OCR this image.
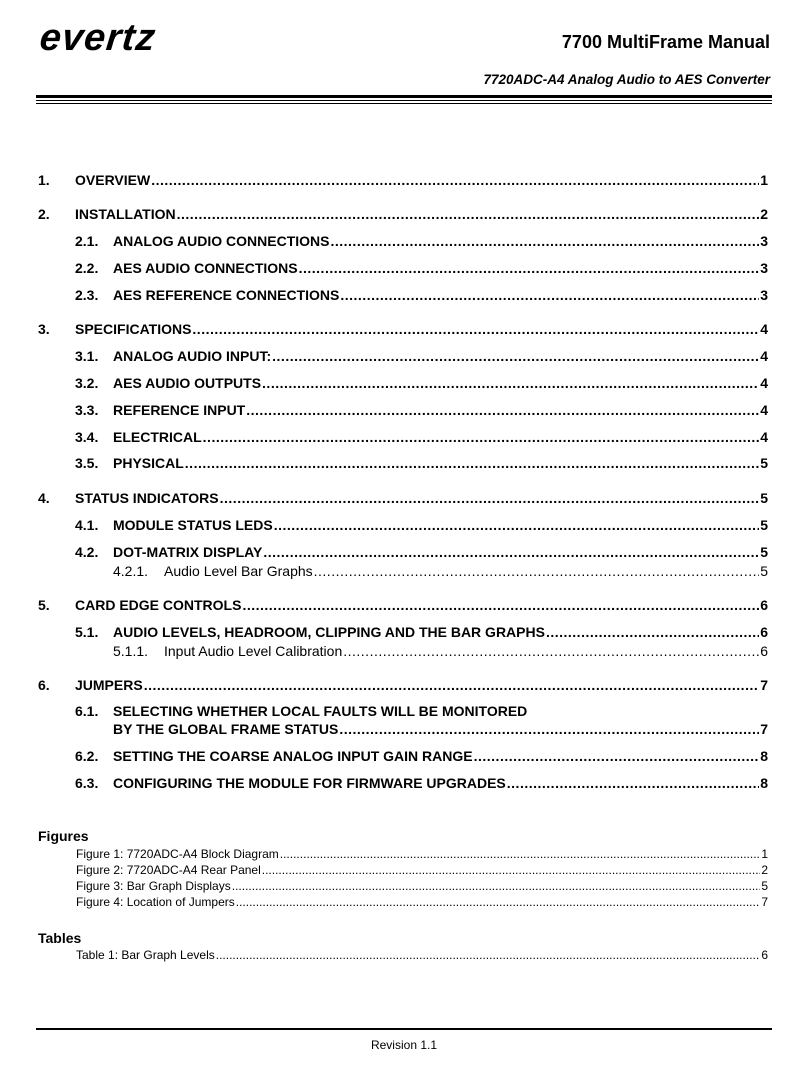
evertz	7700 MultiFrame Manual
7720ADC-A4 Analog Audio to AES Converter
1. OVERVIEW .....	1
2. INSTALLATION .....	2
2.1. ANALOG AUDIO CONNECTIONS .....	3
2.2. AES AUDIO CONNECTIONS .....	3
2.3. AES REFERENCE CONNECTIONS .....	3
3. SPECIFICATIONS .....	4
3.1. ANALOG AUDIO INPUT: .....	4
3.2. AES AUDIO OUTPUTS .....	4
3.3. REFERENCE INPUT .....	4
3.4. ELECTRICAL .....	4
3.5. PHYSICAL .....	5
4. STATUS INDICATORS .....	5
4.1. MODULE STATUS LEDS .....	5
4.2. DOT-MATRIX DISPLAY .....	5
4.2.1. Audio Level Bar Graphs .....	5
5. CARD EDGE CONTROLS .....	6
5.1. AUDIO LEVELS, HEADROOM, CLIPPING AND THE BAR GRAPHS .....	6
5.1.1. Input Audio Level Calibration .....	6
6. JUMPERS .....	7
6.1. SELECTING WHETHER LOCAL FAULTS WILL BE MONITORED
BY THE GLOBAL FRAME STATUS .....	7
6.2. SETTING THE COARSE ANALOG INPUT GAIN RANGE .....	8
6.3. CONFIGURING THE MODULE FOR FIRMWARE UPGRADES .....	8
Figures
Figure 1: 7720ADC-A4 Block Diagram .....	1
Figure 2: 7720ADC-A4 Rear Panel .....	2
Figure 3: Bar Graph Displays .....	5
Figure 4: Location of Jumpers .....	7
Tables
Table 1: Bar Graph Levels .....	6
Revision 1.1
